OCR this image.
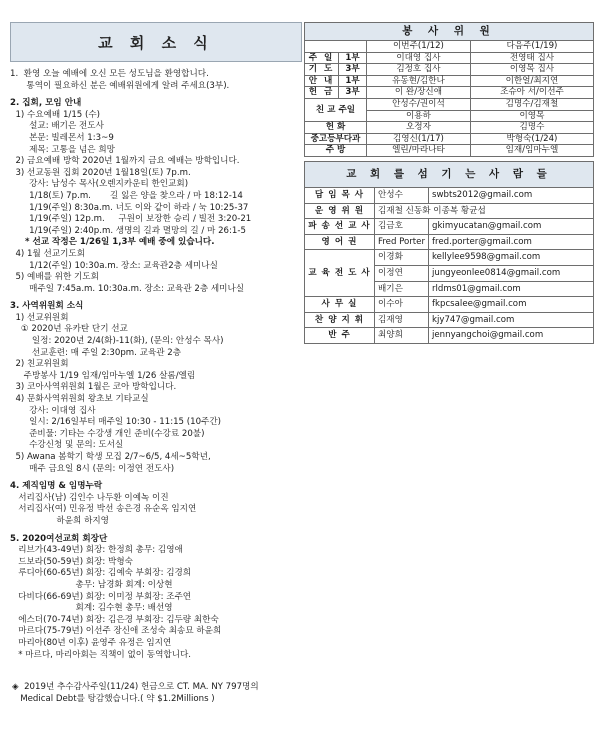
교 회 소 식
1.  환영 오늘 예배에 오신 모든 성도님을 환영합니다.
통역이 필요하신 분은 예배위원에게 알려 주세요(3부).
2. 집회, 모임 안내
1) 수요예배 1/15 (수)
설교: 배기은 전도사
본문: 빌레몬서 1:3~9
제목: 고통을 넘은 희망
2) 금요예배 방학 2020년 1월까지 금요 예배는 방학입니다.
3) 선교동원 집회 2020년 1월18일(토) 7p.m.
강사: 남성수 목사(오렌지카운티 한인교회)
1/18(토) 7p.m.       길 잃은 양을 찾으라 / 마 18:12-14
1/19(주일) 8:30a.m. 너도 이와 같이 하라 / 눅 10:25-37
1/19(주일) 12p.m.     구원이 보장한 승리 / 빌전 3:20-21
1/19(주일) 2:40p.m. 생명의 길과 멸망의 길 / 마 26:1-5
* 선교 작정은 1/26일 1,3부 예배 중에 있습니다.
4) 1월 선교기도회
1/12(주일) 10:30a.m. 장소: 교육관2층 세미나실
5) 예배를 위한 기도회
매주일 7:45a.m. 10:30a.m. 장소: 교육관 2층 세미나실
3. 사역위원회 소식
1) 선교위원회
① 2020년 유카탄 단기 선교
일정: 2020년 2/4(화)-11(화), (문의: 안성수 목사)
선교훈련: 매 주일 2:30pm. 교육관 2층
2) 친교위원회
주방봉사 1/19 임재/임마누엘 1/26 살롬/엘림
3) 코아사역위원회 1월은 코아 방학입니다.
4) 문화사역위원회 왕초보 기타교실
강사: 이대영 집사
일시: 2/16일부터 매주일 10:30 - 11:15 (10주간)
준비물: 기타는 수강생 개인 준비(수강료 20불)
수강신청 및 문의: 도서실
5) Awana 봄학기 학생 모집 2/7~6/5, 4세~5학년,
매주 금요일 8시 (문의: 이정연 전도사)
4. 제직임명 & 임명누락
서리집사(남) 김인수 나두환 이예녹 이진
서리집사(여) 민유정 박선 송은경 유순옥 임지연
하윤희 하지영
5. 2020여선교회 회장단
리브가(43-49년) 회장: 한정희 총무: 김영애
드보라(50-59년) 회장: 박형숙
루디아(60-65년) 회장: 김예숙 부회장: 김경희
총무: 남경화 회계: 이상현
다비다(66-69년) 회장: 이미정 부회장: 조주연
회계: 김수현 총무: 배선영
에스더(70-74년) 회장: 김은경 부회장: 김두량 최한숙
마르다(75-79년) 이선주 장신애 조성숙 최송묘 하윤희
마리아(80년 이후) 윤영주 유정은 임지연
* 마르다, 마리아회는 직책이 없이 동역합니다.
봉 사 위 원			
		이번주(1/12)	다음주(1/19)
주 일	1부	이대영 집사	전영태 집사
기 도	3부	김정호 집사	이영목 집사
안 내	1부	유동현/김한나	이한얼/최지연
헌 금	3부	이 완/장신애	조슈아 서/이선주
친 교 주일		안성수/권이석	김명수/김재철
		이용하	이영목
헌 화		오정자	김명수
중고등부다과		김영신(1/17)	박형숙(1/24)
주 방		엘린/마라나타	임재/임마누엘
교 회 를 섬 기 는 사 람 들		
담 임 목 사	안성수	swbts2012@gmail.com
운 영 위 원	김재철 신동화 이종복 황균섭	
파 송 선 교 사	김금호	gkimyucatan@gmail.com
영 어 권	Fred Porter	fred.porter@gmail.com
교 육 전 도 사	이경화	kellylee9598@gmail.com
	이정연	jungyeonlee0814@gmail.com
	배기은	rldms01@gmail.com
사 무 실	이수아	fkpcsalee@gmail.com
찬 양 지 휘	김재영	kjy747@gmail.com
반 주	최양희	jennyangchoi@gmail.com
◈  2019년 추수감사주일(11/24) 헌금으로 CT. MA. NY 797명의
Medical Debt를 탕감했습니다.( 약 $1.2Millions )
